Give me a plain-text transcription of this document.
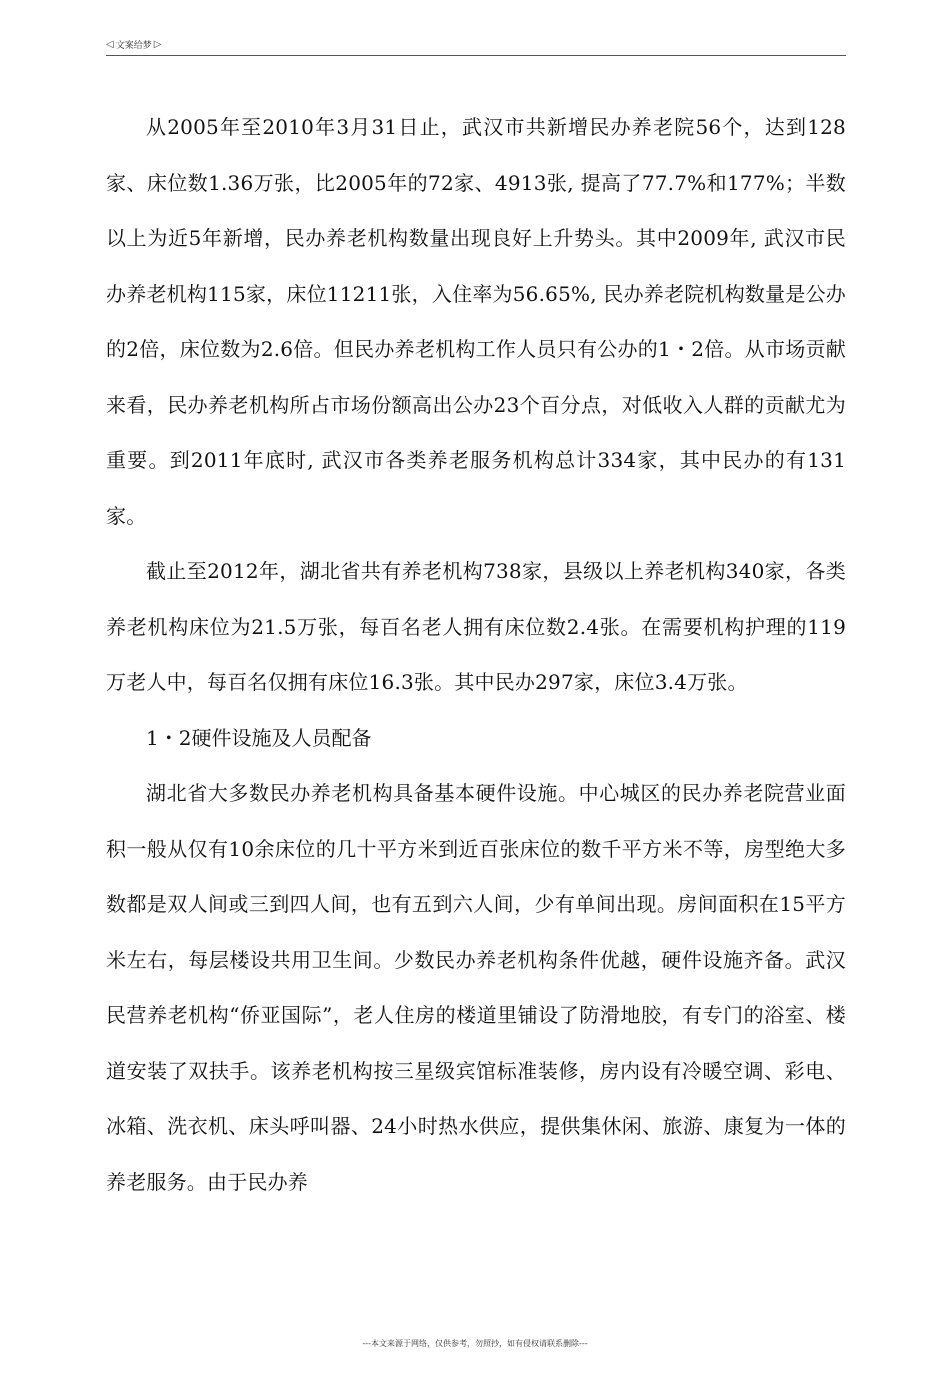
◁ 文案给梦 ▷

从2005年至2010年3月31日止，武汉市共新增民办养老院56个，达到128家、床位数1.36万张，比2005年的72家、4913张, 提高了77.7%和177%；半数以上为近5年新增，民办养老机构数量出现良好上升势头。其中2009年, 武汉市民办养老机构115家，床位11211张，入住率为56.65%, 民办养老院机构数量是公办的2倍，床位数为2.6倍。但民办养老机构工作人员只有公办的1・2倍。从市场贡献来看，民办养老机构所占市场份额高出公办23个百分点，对低收入人群的贡献尤为重要。到2011年底时, 武汉市各类养老服务机构总计334家，其中民办的有131家。

截止至2012年，湖北省共有养老机构738家，县级以上养老机构340家，各类养老机构床位为21.5万张，每百名老人拥有床位数2.4张。在需要机构护理的119万老人中，每百名仅拥有床位16.3张。其中民办297家，床位3.4万张。

1・2硬件设施及人员配备

湖北省大多数民办养老机构具备基本硬件设施。中心城区的民办养老院营业面积一般从仅有10余床位的几十平方米到近百张床位的数千平方米不等，房型绝大多数都是双人间或三到四人间，也有五到六人间，少有单间出现。房间面积在15平方米左右，每层楼设共用卫生间。少数民办养老机构条件优越，硬件设施齐备。武汉民营养老机构“侨亚国际”，老人住房的楼道里铺设了防滑地胶，有专门的浴室、楼道安装了双扶手。该养老机构按三星级宾馆标准装修，房内设有冷暖空调、彩电、冰箱、洗衣机、床头呼叫器、24小时热水供应，提供集休闲、旅游、康复为一体的养老服务。由于民办养

---本文来源于网络，仅供参考，勿照抄，如有侵权请联系删除---
